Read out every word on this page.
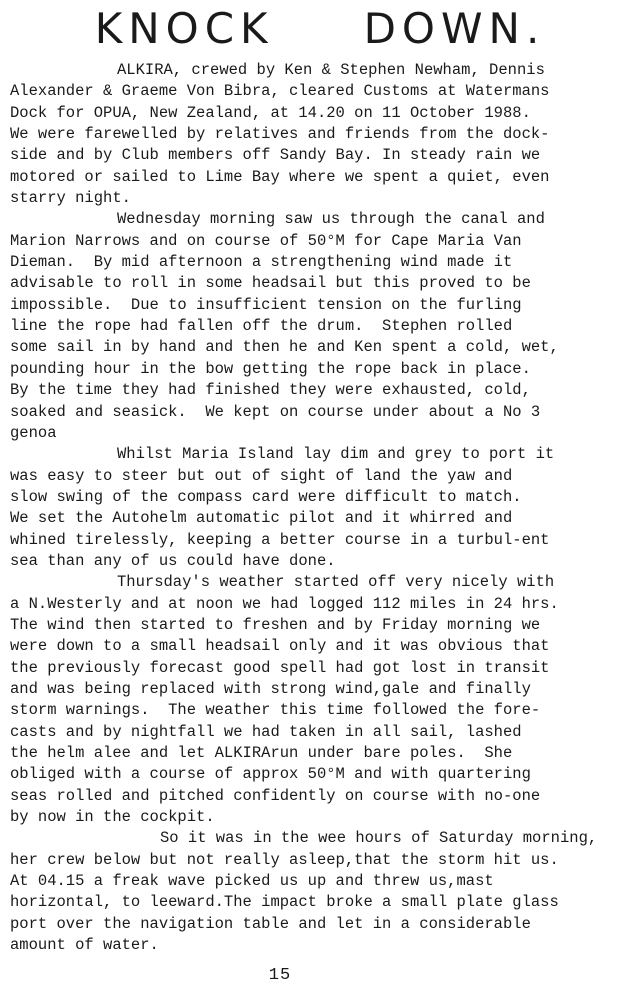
KNOCK DOWN.
ALKIRA, crewed by Ken & Stephen Newham, Dennis
Alexander & Graeme Von Bibra, cleared Customs at Watermans
Dock for OPUA, New Zealand, at 14.20 on 11 October 1988.
We were farewelled by relatives and friends from the dock-
side and by Club members off Sandy Bay. In steady rain we
motored or sailed to Lime Bay where we spent a quiet, even
starry night.
Wednesday morning saw us through the canal and
Marion Narrows and on course of 50°M for Cape Maria Van
Dieman.  By mid afternoon a strengthening wind made it
advisable to roll in some headsail but this proved to be
impossible.  Due to insufficient tension on the furling
line the rope had fallen off the drum.  Stephen rolled
some sail in by hand and then he and Ken spent a cold, wet,
pounding hour in the bow getting the rope back in place.
By the time they had finished they were exhausted, cold,
soaked and seasick.  We kept on course under about a No 3
genoa
Whilst Maria Island lay dim and grey to port it
was easy to steer but out of sight of land the yaw and
slow swing of the compass card were difficult to match.
We set the Autohelm automatic pilot and it whirred and
whined tirelessly, keeping a better course in a turbul-ent
sea than any of us could have done.
Thursday's weather started off very nicely with
a N.Westerly and at noon we had logged 112 miles in 24 hrs.
The wind then started to freshen and by Friday morning we
were down to a small headsail only and it was obvious that
the previously forecast good spell had got lost in transit
and was being replaced with strong wind,gale and finally
storm warnings.  The weather this time followed the fore-
casts and by nightfall we had taken in all sail, lashed
the helm alee and let ALKIRArun under bare poles.  She
obliged with a course of approx 50°M and with quartering
seas rolled and pitched confidently on course with no-one
by now in the cockpit.
So it was in the wee hours of Saturday morning,
her crew below but not really asleep,that the storm hit us.
At 04.15 a freak wave picked us up and threw us,mast
horizontal, to leeward.The impact broke a small plate glass
port over the navigation table and let in a considerable
amount of water.
15
